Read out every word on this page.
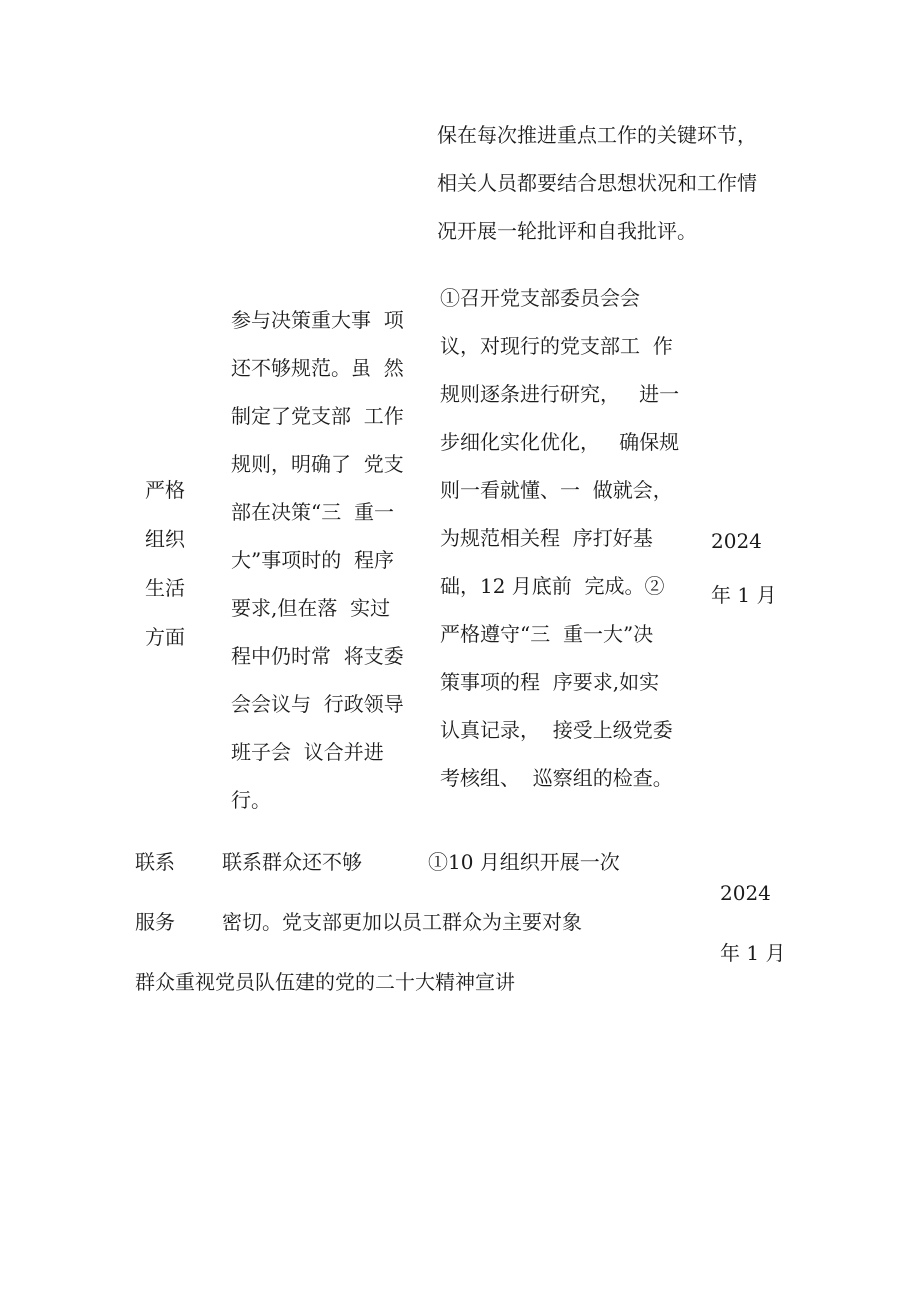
保在每次推进重点工作的关键环节，
相关人员都要结合思想状况和工作情
况开展一轮批评和自我批评。
严格
组织
生活
方面
参与决策重大事  项
还不够规范。虽  然
制定了党支部  工作
规则，明确了  党支
部在决策“三  重一
大”事项时的  程序
要求,但在落  实过
程中仍时常  将支委
会会议与  行政领导
班子会  议合并进
行。
①召开党支部委员会会
议，对现行的党支部工  作
规则逐条进行研究，   进一
步细化实化优化，   确保规
则一看就懂、一  做就会，
为规范相关程  序打好基
础，12 月底前  完成。②
严格遵守“三  重一大”决
策事项的程  序要求,如实
认真记录，  接受上级党委
考核组、  巡察组的检查。
2024
年 1 月
联系
服务
联系群众还不够
密切。党支部更加以员工群众为主要对象
①10 月组织开展一次
群众重视党员队伍建的党的二十大精神宣讲
2024
年 1 月
